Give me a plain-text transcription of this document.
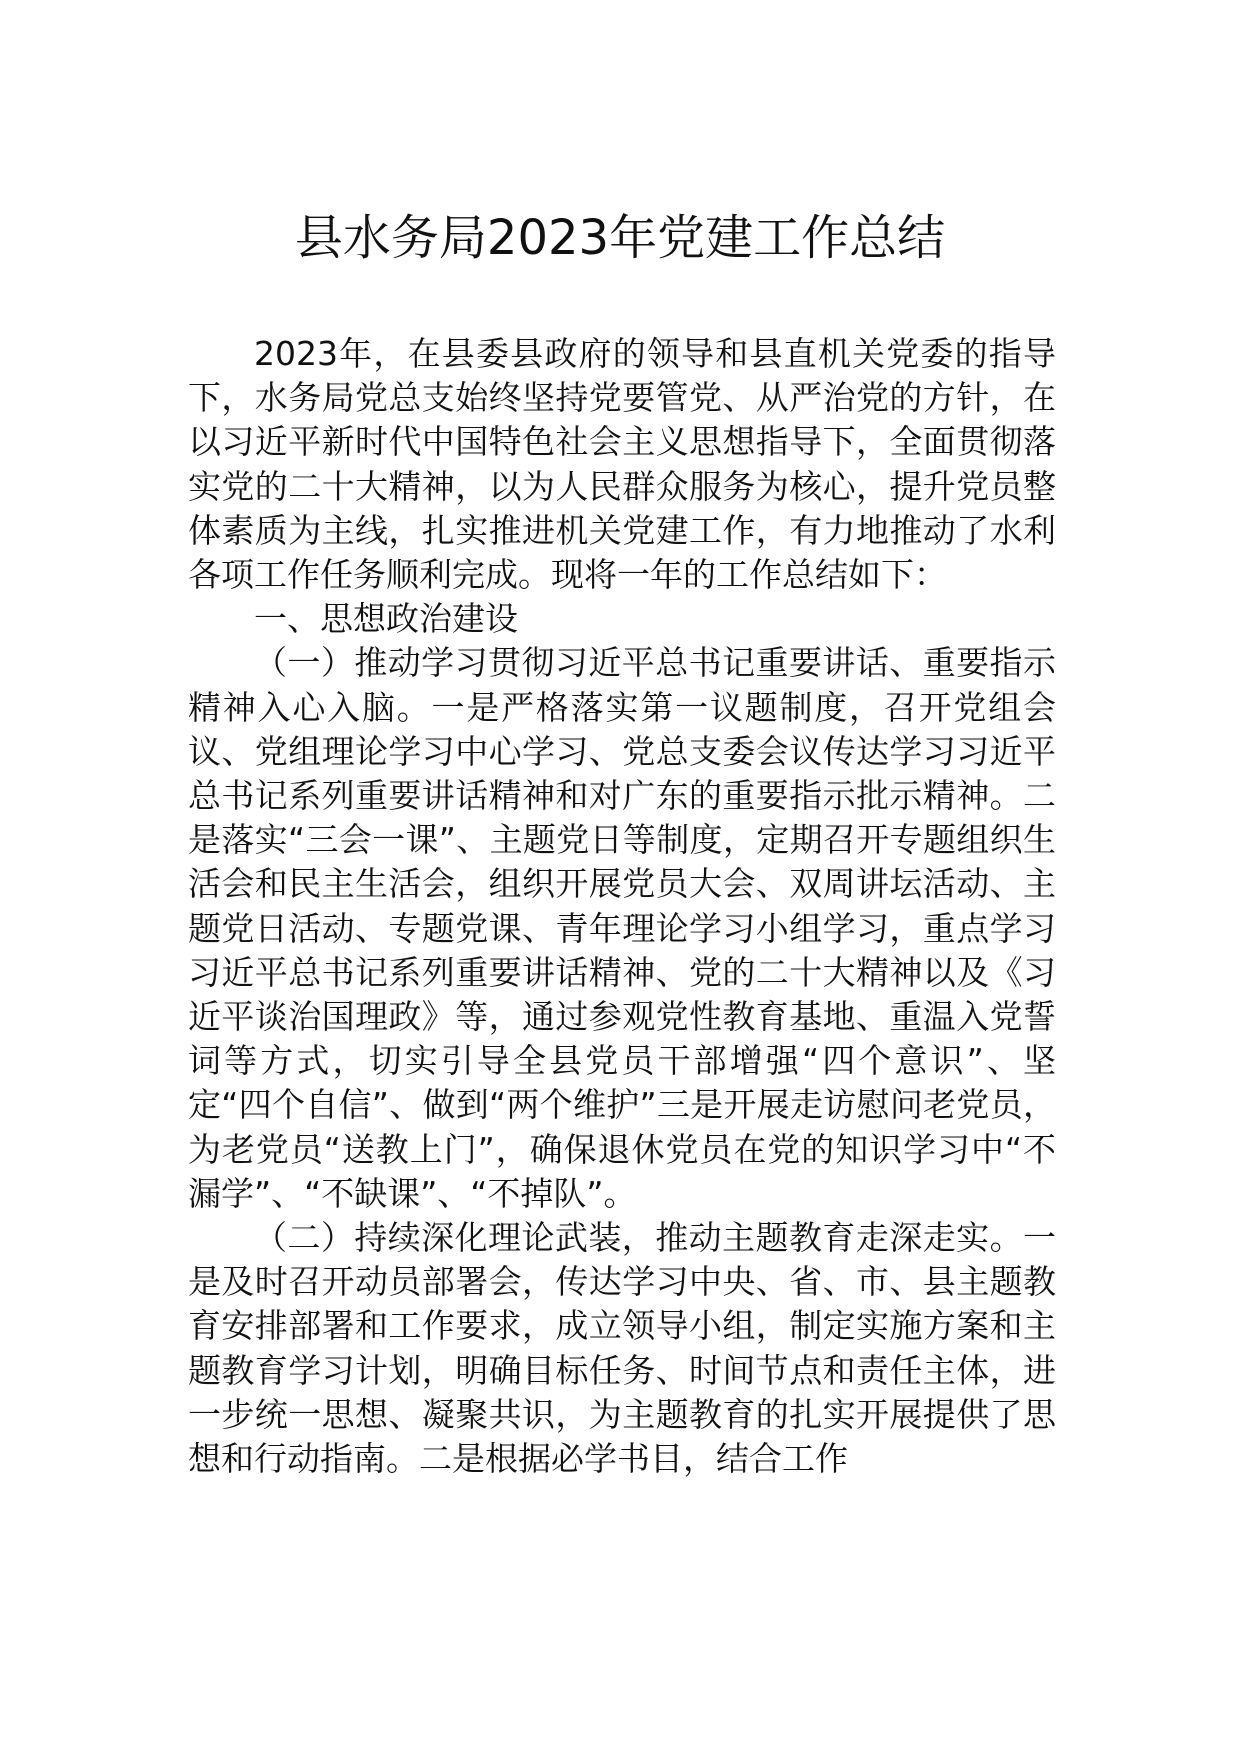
县水务局2023年党建工作总结

2023年，在县委县政府的领导和县直机关党委的指导下，水务局党总支始终坚持党要管党、从严治党的方针，在以习近平新时代中国特色社会主义思想指导下，全面贯彻落实党的二十大精神，以为人民群众服务为核心，提升党员整体素质为主线，扎实推进机关党建工作，有力地推动了水利各项工作任务顺利完成。现将一年的工作总结如下：

一、思想政治建设

（一）推动学习贯彻习近平总书记重要讲话、重要指示精神入心入脑。一是严格落实第一议题制度，召开党组会议、党组理论学习中心学习、党总支委会议传达学习习近平总书记系列重要讲话精神和对广东的重要指示批示精神。二是落实“三会一课”、主题党日等制度，定期召开专题组织生活会和民主生活会，组织开展党员大会、双周讲坛活动、主题党日活动、专题党课、青年理论学习小组学习，重点学习习近平总书记系列重要讲话精神、党的二十大精神以及《习近平谈治国理政》等，通过参观党性教育基地、重温入党誓词等方式，切实引导全县党员干部增强“四个意识”、坚定“四个自信”、做到“两个维护”三是开展走访慰问老党员，为老党员“送教上门”，确保退休党员在党的知识学习中“不漏学”、“不缺课”、“不掉队”。

（二）持续深化理论武装，推动主题教育走深走实。一是及时召开动员部署会，传达学习中央、省、市、县主题教育安排部署和工作要求，成立领导小组，制定实施方案和主题教育学习计划，明确目标任务、时间节点和责任主体，进一步统一思想、凝聚共识，为主题教育的扎实开展提供了思想和行动指南。二是根据必学书目，结合工作
